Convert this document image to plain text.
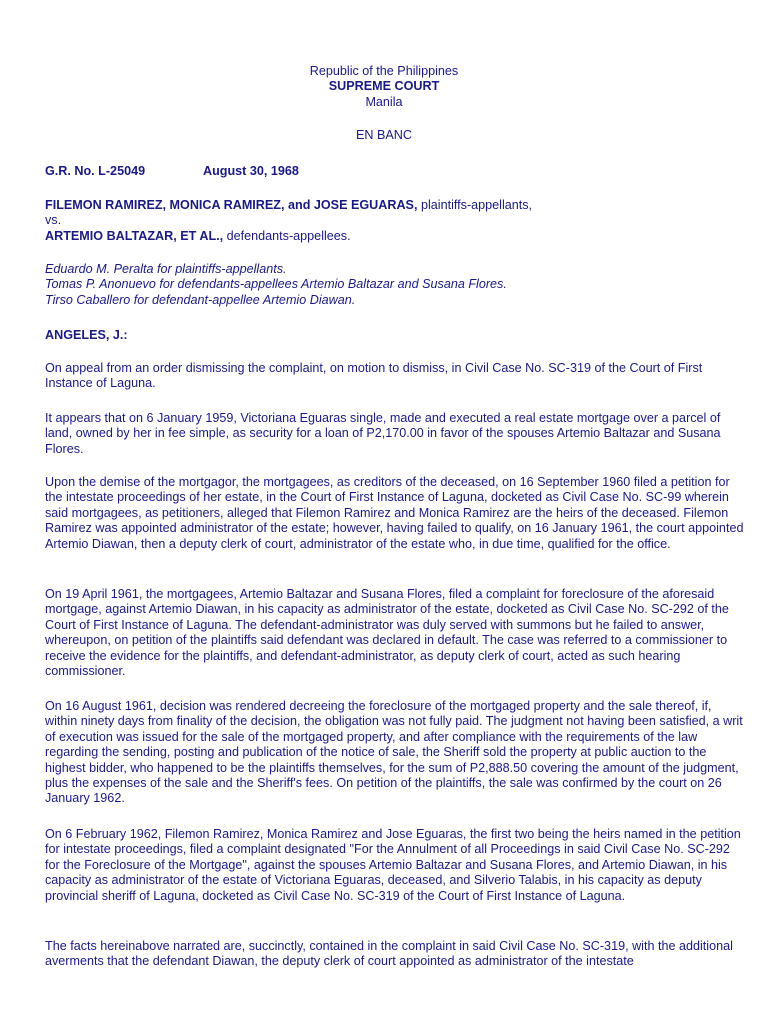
Republic of the Philippines
SUPREME COURT
Manila
EN BANC
G.R. No. L-25049	August 30, 1968
FILEMON RAMIREZ, MONICA RAMIREZ, and JOSE EGUARAS, plaintiffs-appellants,
vs.
ARTEMIO BALTAZAR, ET AL., defendants-appellees.
Eduardo M. Peralta for plaintiffs-appellants.
Tomas P. Anonuevo for defendants-appellees Artemio Baltazar and Susana Flores.
Tirso Caballero for defendant-appellee Artemio Diawan.
ANGELES, J.:

On appeal from an order dismissing the complaint, on motion to dismiss, in Civil Case No. SC-319 of the Court of First Instance of Laguna.

It appears that on 6 January 1959, Victoriana Eguaras single, made and executed a real estate mortgage over a parcel of land, owned by her in fee simple, as security for a loan of P2,170.00 in favor of the spouses Artemio Baltazar and Susana Flores.

Upon the demise of the mortgagor, the mortgagees, as creditors of the deceased, on 16 September 1960 filed a petition for the intestate proceedings of her estate, in the Court of First Instance of Laguna, docketed as Civil Case No. SC-99 wherein said mortgagees, as petitioners, alleged that Filemon Ramirez and Monica Ramirez are the heirs of the deceased. Filemon Ramirez was appointed administrator of the estate; however, having failed to qualify, on 16 January 1961, the court appointed Artemio Diawan, then a deputy clerk of court, administrator of the estate who, in due time, qualified for the office.

On 19 April 1961, the mortgagees, Artemio Baltazar and Susana Flores, filed a complaint for foreclosure of the aforesaid mortgage, against Artemio Diawan, in his capacity as administrator of the estate, docketed as Civil Case No. SC-292 of the Court of First Instance of Laguna. The defendant-administrator was duly served with summons but he failed to answer, whereupon, on petition of the plaintiffs said defendant was declared in default. The case was referred to a commissioner to receive the evidence for the plaintiffs, and defendant-administrator, as deputy clerk of court, acted as such hearing commissioner.

On 16 August 1961, decision was rendered decreeing the foreclosure of the mortgaged property and the sale thereof, if, within ninety days from finality of the decision, the obligation was not fully paid. The judgment not having been satisfied, a writ of execution was issued for the sale of the mortgaged property, and after compliance with the requirements of the law regarding the sending, posting and publication of the notice of sale, the Sheriff sold the property at public auction to the highest bidder, who happened to be the plaintiffs themselves, for the sum of P2,888.50 covering the amount of the judgment, plus the expenses of the sale and the Sheriff's fees. On petition of the plaintiffs, the sale was confirmed by the court on 26 January 1962.

On 6 February 1962, Filemon Ramirez, Monica Ramirez and Jose Eguaras, the first two being the heirs named in the petition for intestate proceedings, filed a complaint designated "For the Annulment of all Proceedings in said Civil Case No. SC-292 for the Foreclosure of the Mortgage", against the spouses Artemio Baltazar and Susana Flores, and Artemio Diawan, in his capacity as administrator of the estate of Victoriana Eguaras, deceased, and Silverio Talabis, in his capacity as deputy provincial sheriff of Laguna, docketed as Civil Case No. SC-319 of the Court of First Instance of Laguna.

The facts hereinabove narrated are, succinctly, contained in the complaint in said Civil Case No. SC-319, with the additional averments that the defendant Diawan, the deputy clerk of court appointed as administrator of the intestate
